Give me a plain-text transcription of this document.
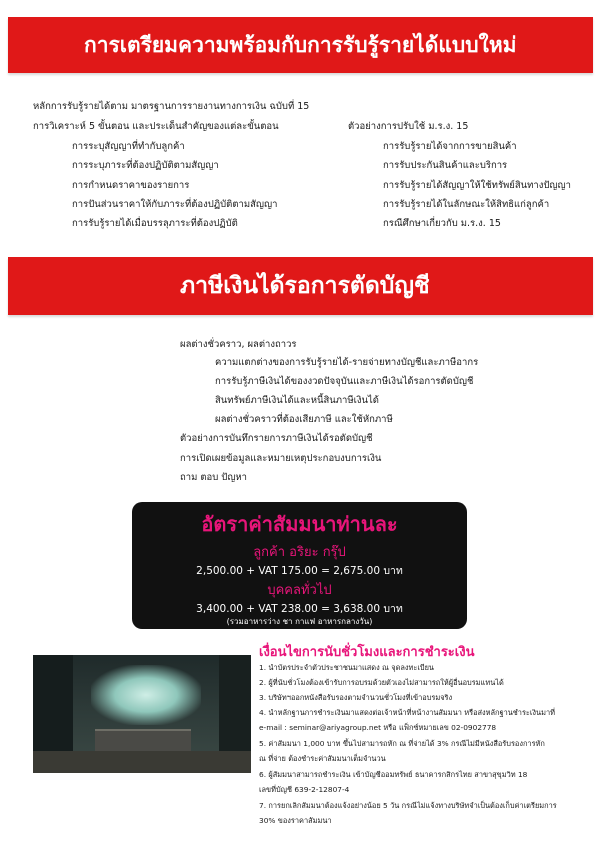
การเตรียมความพร้อมกับการรับรู้รายได้แบบใหม่
หลักการรับรู้รายได้ตาม มาตรฐานการรายงานทางการเงิน ฉบับที่ 15
การวิเคราะห์ 5 ขั้นตอน และประเด็นสำคัญของแต่ละขั้นตอน
การระบุสัญญาที่ทำกับลูกค้า
การระบุภาระที่ต้องปฏิบัติตามสัญญา
การกำหนดราคาของรายการ
การปันส่วนราคาให้กับภาระที่ต้องปฏิบัติตามสัญญา
การรับรู้รายได้เมื่อบรรลุภาระที่ต้องปฏิบัติ
ตัวอย่างการปรับใช้ ม.ร.ง. 15
การรับรู้รายได้จากการขายสินค้า
การรับประกันสินค้าและบริการ
การรับรู้รายได้สัญญาให้ใช้ทรัพย์สินทางปัญญา
การรับรู้รายได้ในลักษณะให้สิทธิแก่ลูกค้า
กรณีศึกษาเกี่ยวกับ ม.ร.ง. 15
ภาษีเงินได้รอการตัดบัญชี
ผลต่างชั่วคราว, ผลต่างถาวร
ความแตกต่างของการรับรู้รายได้-รายจ่ายทางบัญชีและภาษีอากร
การรับรู้ภาษีเงินได้ของงวดปัจจุบันและภาษีเงินได้รอการตัดบัญชี
สินทรัพย์ภาษีเงินได้และหนี้สินภาษีเงินได้
ผลต่างชั่วคราวที่ต้องเสียภาษี และใช้หักภาษี
ตัวอย่างการบันทึกรายการภาษีเงินได้รอตัดบัญชี
การเปิดเผยข้อมูลและหมายเหตุประกอบงบการเงิน
ถาม ตอบ ปัญหา
อัตราค่าสัมมนาท่านละ
ลูกค้า อริยะ กรุ๊ป
2,500.00 + VAT 175.00 = 2,675.00 บาท
บุคคลทั่วไป
3,400.00 + VAT 238.00 = 3,638.00 บาท
(รวมอาหารว่าง ชา กาแฟ อาหารกลางวัน)
เงื่อนไขการนับชั่วโมงและการชำระเงิน
1. นำบัตรประจำตัวประชาชนมาแสดง ณ จุดลงทะเบียน
2. ผู้ที่นับชั่วโมงต้องเข้ารับการอบรมด้วยตัวเองไม่สามารถให้ผู้อื่นอบรมแทนได้
3. บริษัทฯออกหนังสือรับรองตามจำนวนชั่วโมงที่เข้าอบรมจริง
4. นำหลักฐานการชำระเงินมาแสดงต่อเจ้าหน้าที่หน้างานสัมมนา หรือส่งหลักฐานชำระเงินมาที่
e-mail : seminar@ariyagroup.net หรือ แฟ็กซ์หมายเลข 02-0902778
5. ค่าสัมมนา 1,000 บาท ขึ้นไปสามารถหัก ณ ที่จ่ายได้ 3% กรณีไม่มีหนังสือรับรองการหัก
ณ ที่จ่าย ต้องชำระค่าสัมมนาเต็มจำนวน
6. ผู้สัมมนาสามารถชำระเงิน เข้าบัญชีออมทรัพย์ ธนาคารกสิกรไทย สาขาสุขุมวิท 18
เลขที่บัญชี 639-2-12807-4
7. การยกเลิกสัมมนาต้องแจ้งอย่างน้อย 5 วัน กรณีไม่แจ้งทางบริษัทจำเป็นต้องเก็บค่าเตรียมการ
30% ของราคาสัมมนา
